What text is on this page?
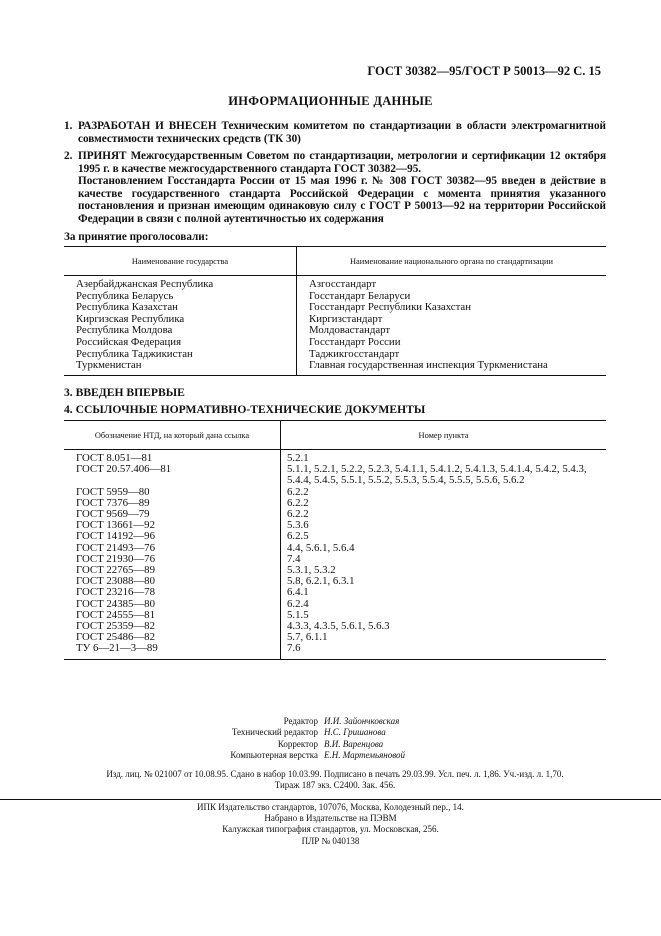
ГОСТ 30382—95/ГОСТ Р 50013—92 С. 15
ИНФОРМАЦИОННЫЕ ДАННЫЕ
1. РАЗРАБОТАН И ВНЕСЕН Техническим комитетом по стандартизации в области электромагнитной совместимости технических средств (ТК 30)
2. ПРИНЯТ Межгосударственным Советом по стандартизации, метрологии и сертификации 12 октября 1995 г. в качестве межгосударственного стандарта ГОСТ 30382—95.
Постановлением Госстандарта России от 15 мая 1996 г. № 308 ГОСТ 30382—95 введен в действие в качестве государственного стандарта Российской Федерации с момента принятия указанного постановления и признан имеющим одинаковую силу с ГОСТ Р 50013—92 на территории Российской Федерации в связи с полной аутентичностью их содержания
За принятие проголосовали:
Наименование государства	Наименование национального органа по стандартизации
Азербайджанская Республика	Азгосстандарт
Республика Беларусь	Госстандарт Беларуси
Республика Казахстан	Госстандарт Республики Казахстан
Киргизская Республика	Киргизстандарт
Республика Молдова	Молдовастандарт
Российская Федерация	Госстандарт России
Республика Таджикистан	Таджикгосстандарт
Туркменистан	Главная государственная инспекция Туркменистана
3. ВВЕДЕН ВПЕРВЫЕ
4. ССЫЛОЧНЫЕ НОРМАТИВНО-ТЕХНИЧЕСКИЕ ДОКУМЕНТЫ
Обозначение НТД, на который дана ссылка	Номер пункта
ГОСТ 8.051—81	5.2.1
ГОСТ 20.57.406—81	5.1.1, 5.2.1, 5.2.2, 5.2.3, 5.4.1.1, 5.4.1.2, 5.4.1.3, 5.4.1.4, 5.4.2, 5.4.3, 5.4.4, 5.4.5, 5.5.1, 5.5.2, 5.5.3, 5.5.4, 5.5.5, 5.5.6, 5.6.2
ГОСТ 5959—80	6.2.2
ГОСТ 7376—89	6.2.2
ГОСТ 9569—79	6.2.2
ГОСТ 13661—92	5.3.6
ГОСТ 14192—96	6.2.5
ГОСТ 21493—76	4.4, 5.6.1, 5.6.4
ГОСТ 21930—76	7.4
ГОСТ 22765—89	5.3.1, 5.3.2
ГОСТ 23088—80	5.8, 6.2.1, 6.3.1
ГОСТ 23216—78	6.4.1
ГОСТ 24385—80	6.2.4
ГОСТ 24555—81	5.1.5
ГОСТ 25359—82	4.3.3, 4.3.5, 5.6.1, 5.6.3
ГОСТ 25486—82	5.7, 6.1.1
ТУ 6—21—3—89	7.6
Редактор И.И. Зайончковская
Технический редактор Н.С. Гришанова
Корректор В.И. Варенцова
Компьютерная верстка Е.Н. Мартемьяновой
Изд. лиц. № 021007 от 10.08.95. Сдано в набор 10.03.99. Подписано в печать 29.03.99. Усл. печ. л. 1,86. Уч.-изд. л. 1,70.
Тираж 187 экз. С2400. Зак. 456.
ИПК Издательство стандартов, 107076, Москва, Колодезный пер., 14.
Набрано в Издательстве на ПЭВМ
Калужская типография стандартов, ул. Московская, 256.
ПЛР № 040138
